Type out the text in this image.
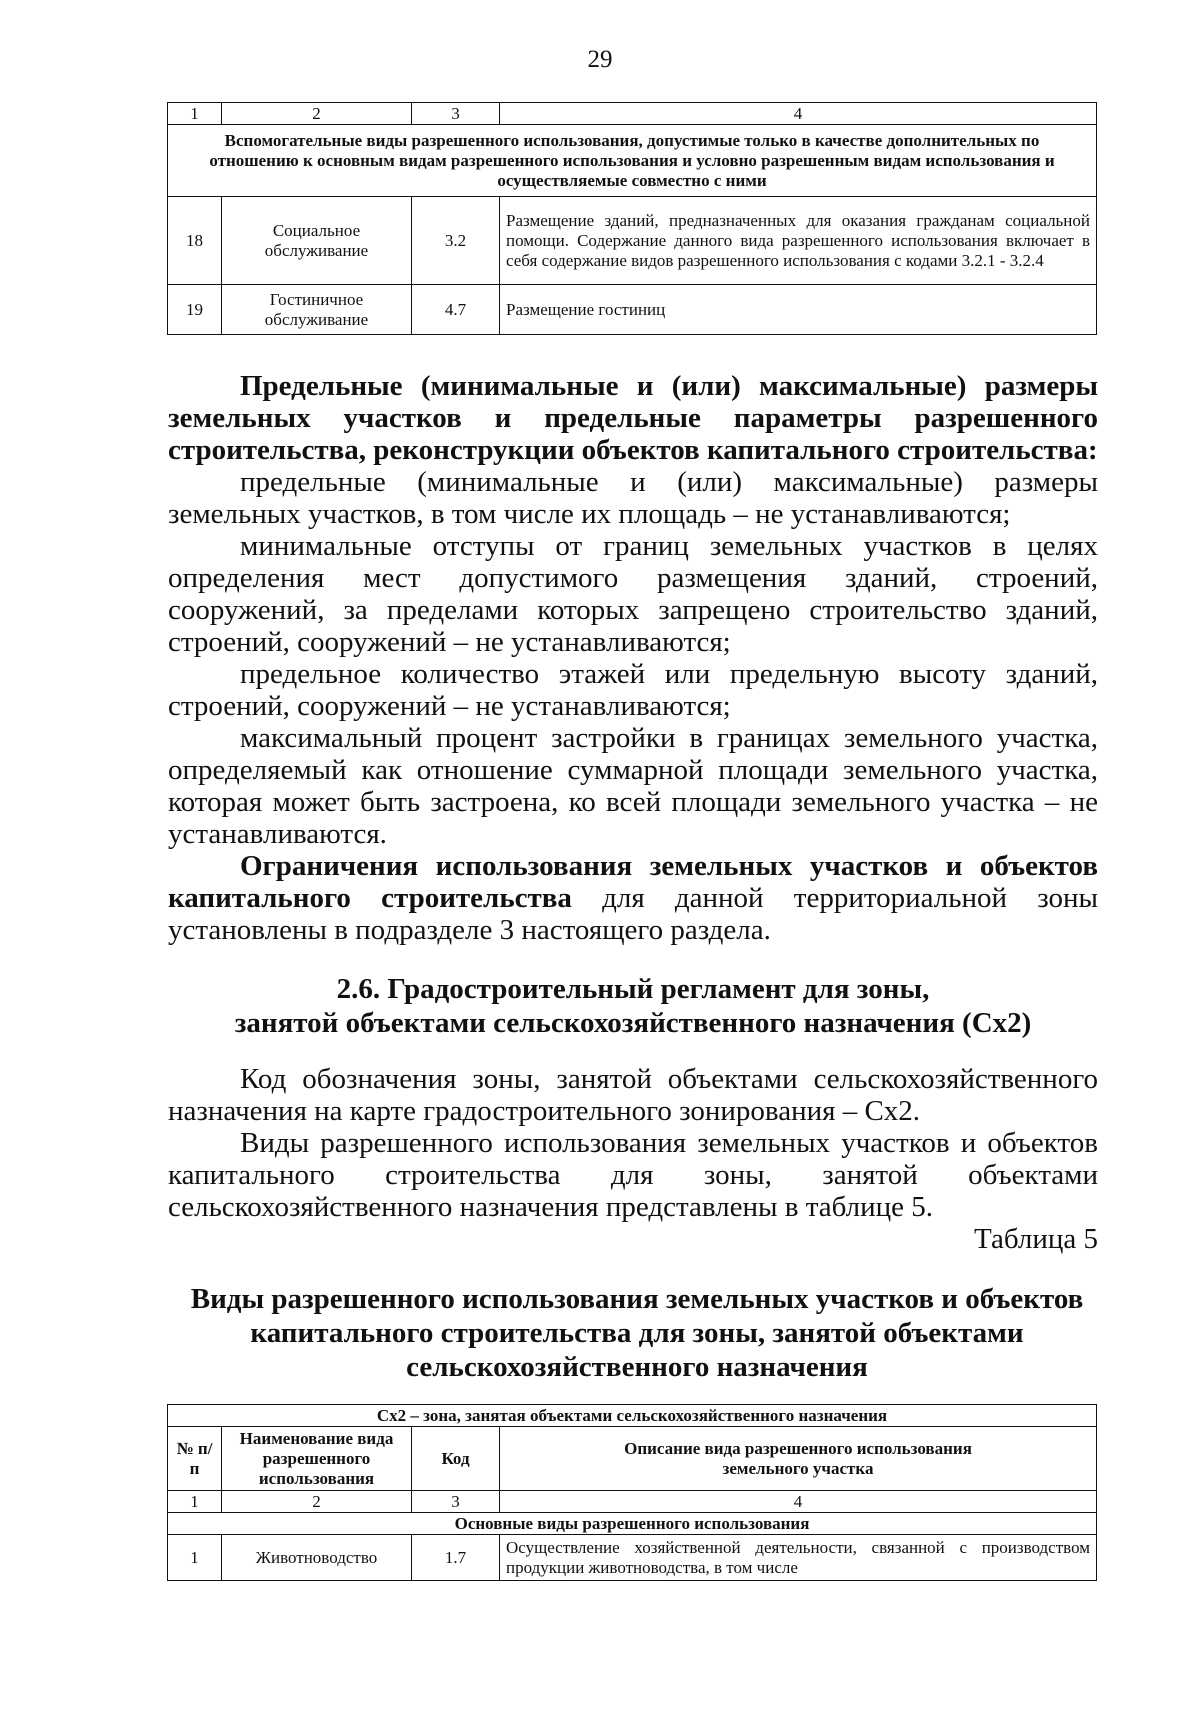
29
1	2	3	4
Вспомогательные виды разрешенного использования, допустимые только в качестве дополнительных по отношению к основным видам разрешенного использования и условно разрешенным видам использования и осуществляемые совместно с ними			
18	Социальное обслуживание	3.2	Размещение зданий, предназначенных для оказания гражданам социальной помощи. Содержание данного вида разрешенного использования включает в себя содержание видов разрешенного использования с кодами 3.2.1 - 3.2.4
19	Гостиничное обслуживание	4.7	Размещение гостиниц

Предельные (минимальные и (или) максимальные) размеры земельных участков и предельные параметры разрешенного строительства, реконструкции объектов капитального строительства:

предельные (минимальные и (или) максимальные) размеры земельных участков, в том числе их площадь – не устанавливаются;

минимальные отступы от границ земельных участков в целях определения мест допустимого размещения зданий, строений, сооружений, за пределами которых запрещено строительство зданий, строений, сооружений – не устанавливаются;

предельное количество этажей или предельную высоту зданий, строений, сооружений – не устанавливаются;

максимальный процент застройки в границах земельного участка, определяемый как отношение суммарной площади земельного участка, которая может быть застроена, ко всей площади земельного участка – не устанавливаются.

Ограничения использования земельных участков и объектов капитального строительства для данной территориальной зоны установлены в подразделе 3 настоящего раздела.

2.6. Градостроительный регламент для зоны,

занятой объектами сельскохозяйственного назначения (Сх2)

Код обозначения зоны, занятой объектами сельскохозяйственного назначения на карте градостроительного зонирования – Сх2.

Виды разрешенного использования земельных участков и объектов капитального строительства для зоны, занятой объектами сельскохозяйственного назначения представлены в таблице 5.

Таблица 5

Виды разрешенного использования земельных участков и объектов капитального строительства для зоны, занятой объектами сельскохозяйственного назначения

Сх2 – зона, занятая объектами сельскохозяйственного назначения			
№ п/п	Наименование вида разрешенного использования	Код	Описание вида разрешенного использования земельного участка
1	2	3	4
Основные виды разрешенного использования			
1	Животноводство	1.7	Осуществление хозяйственной деятельности, связанной с производством продукции животноводства, в том числе
